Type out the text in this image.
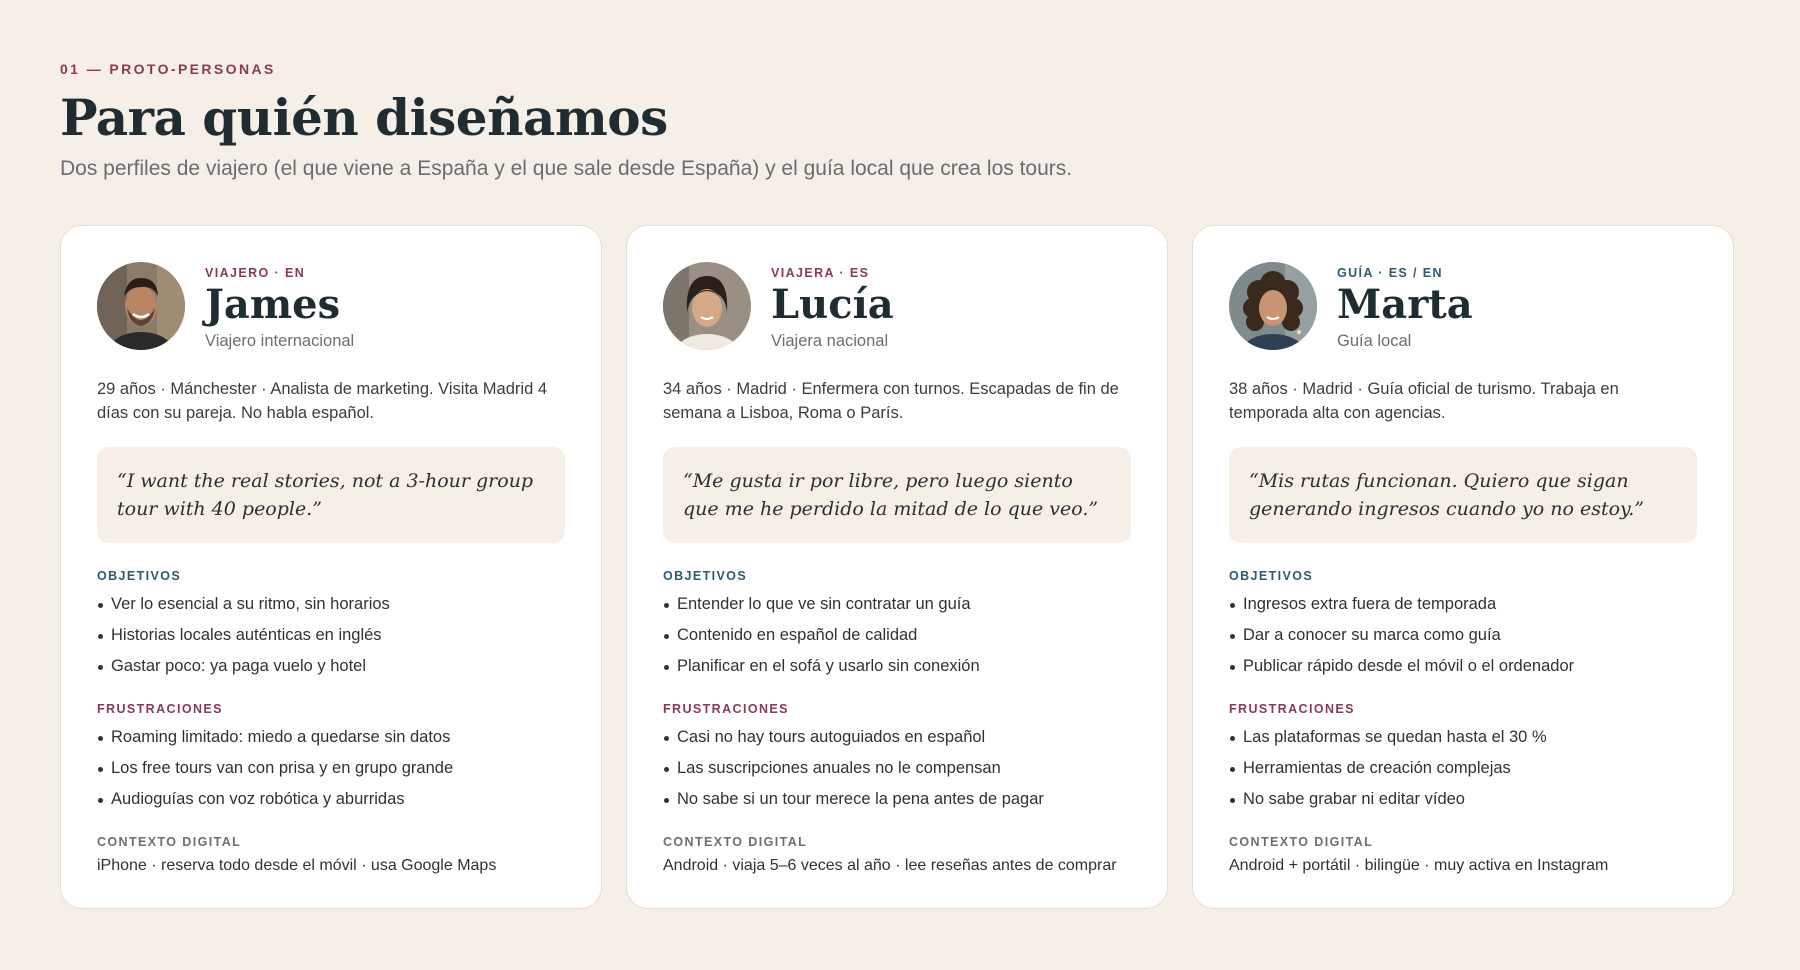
01 — PROTO-PERSONAS
Para quién diseñamos

Dos perfiles de viajero (el que viene a España y el que sale desde España) y el guía local que crea los tours.

VIAJERO · EN
James
Viajero internacional
29 años · Mánchester · Analista de marketing. Visita Madrid 4 días con su pareja. No habla español.
“I want the real stories, not a 3-hour group tour with 40 people.”
OBJETIVOS
Ver lo esencial a su ritmo, sin horarios
Historias locales auténticas en inglés
Gastar poco: ya paga vuelo y hotel
FRUSTRACIONES
Roaming limitado: miedo a quedarse sin datos
Los free tours van con prisa y en grupo grande
Audioguías con voz robótica y aburridas
CONTEXTO DIGITAL
iPhone · reserva todo desde el móvil · usa Google Maps
VIAJERA · ES
Lucía
Viajera nacional
34 años · Madrid · Enfermera con turnos. Escapadas de fin de semana a Lisboa, Roma o París.
“Me gusta ir por libre, pero luego siento que me he perdido la mitad de lo que veo.”
OBJETIVOS
Entender lo que ve sin contratar un guía
Contenido en español de calidad
Planificar en el sofá y usarlo sin conexión
FRUSTRACIONES
Casi no hay tours autoguiados en español
Las suscripciones anuales no le compensan
No sabe si un tour merece la pena antes de pagar
CONTEXTO DIGITAL
Android · viaja 5–6 veces al año · lee reseñas antes de comprar
GUÍA · ES / EN
Marta
Guía local
38 años · Madrid · Guía oficial de turismo. Trabaja en temporada alta con agencias.
“Mis rutas funcionan. Quiero que sigan generando ingresos cuando yo no estoy.”
OBJETIVOS
Ingresos extra fuera de temporada
Dar a conocer su marca como guía
Publicar rápido desde el móvil o el ordenador
FRUSTRACIONES
Las plataformas se quedan hasta el 30 %
Herramientas de creación complejas
No sabe grabar ni editar vídeo
CONTEXTO DIGITAL
Android + portátil · bilingüe · muy activa en Instagram
